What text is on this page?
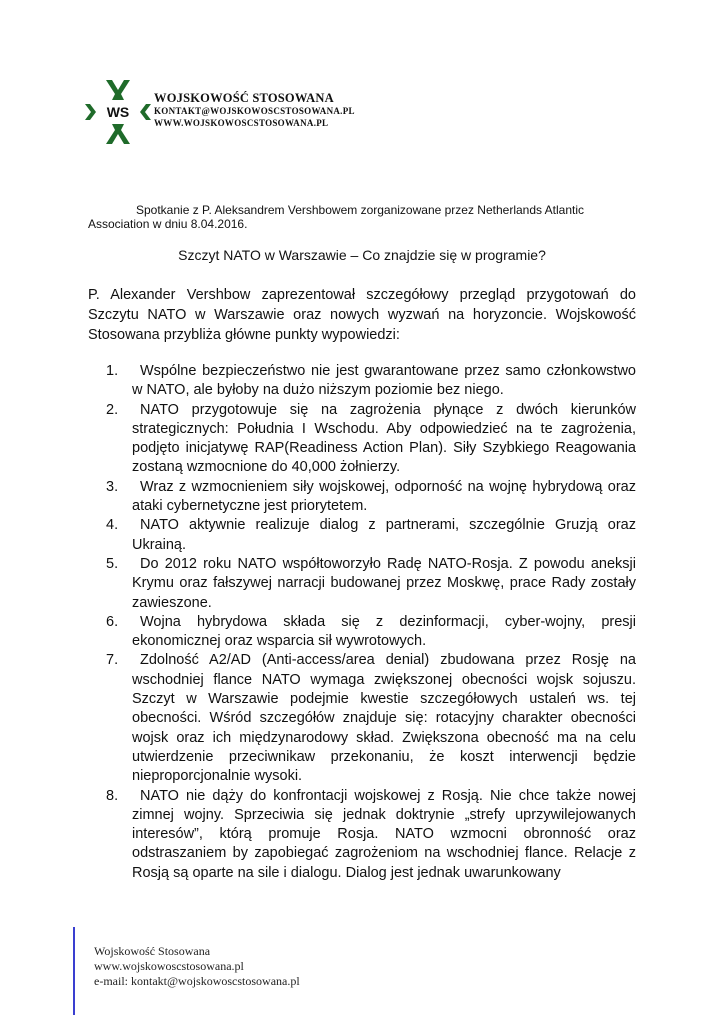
WS
WOJSKOWOŚĆ STOSOWANA
KONTAKT@WOJSKOWOSCSTOSOWANA.PL
WWW.WOJSKOWOSCSTOSOWANA.PL
Spotkanie z P. Aleksandrem Vershbowem zorganizowane przez Netherlands Atlantic Association w dniu 8.04.2016.
Szczyt NATO w Warszawie – Co znajdzie się w programie?

P. Alexander Vershbow zaprezentował szczegółowy przegląd przygotowań do Szczytu NATO w Warszawie oraz nowych wyzwań na horyzoncie. Wojskowość Stosowana przybliża główne punkty wypowiedzi:

1.	Wspólne bezpieczeństwo nie jest gwarantowane przez samo członkowstwo w NATO, ale byłoby na dużo niższym poziomie bez niego.
2.	NATO przygotowuje się na zagrożenia płynące z dwóch kierunków strategicznych: Południa I Wschodu. Aby odpowiedzieć na te zagrożenia, podjęto inicjatywę RAP(Readiness Action Plan). Siły Szybkiego Reagowania zostaną wzmocnione do 40,000 żołnierzy.
3.	Wraz z wzmocnieniem siły wojskowej, odporność na wojnę hybrydową oraz ataki cybernetyczne jest priorytetem.
4.	NATO aktywnie realizuje dialog z partnerami, szczególnie Gruzją oraz Ukrainą.
5.	Do 2012 roku NATO współtoworzyło Radę NATO-Rosja. Z powodu aneksji Krymu oraz fałszywej narracji budowanej przez Moskwę, prace Rady zostały zawieszone.
6.	Wojna hybrydowa składa się z dezinformacji, cyber-wojny, presji ekonomicznej oraz wsparcia sił wywrotowych.
7.	Zdolność A2/AD (Anti-access/area denial) zbudowana przez Rosję na wschodniej flance NATO wymaga zwiększonej obecności wojsk sojuszu. Szczyt w Warszawie podejmie kwestie szczegółowych ustaleń ws. tej obecności. Wśród szczegółów znajduje się: rotacyjny charakter obecności wojsk oraz ich międzynarodowy skład. Zwiększona obecność ma na celu utwierdzenie przeciwnikaw przekonaniu, że koszt interwencji będzie nieproporcjonalnie wysoki.
8.	NATO nie dąży do konfrontacji wojskowej z Rosją. Nie chce także nowej zimnej wojny. Sprzeciwia się jednak doktrynie „strefy uprzywilejowanych interesów”, którą promuje Rosja. NATO wzmocni obronność oraz odstraszaniem by zapobiegać zagrożeniom na wschodniej flance. Relacje z Rosją są oparte na sile i dialogu. Dialog jest jednak uwarunkowany
Wojskowość Stosowana
www.wojskowoscstosowana.pl
e-mail: kontakt@wojskowoscstosowana.pl
